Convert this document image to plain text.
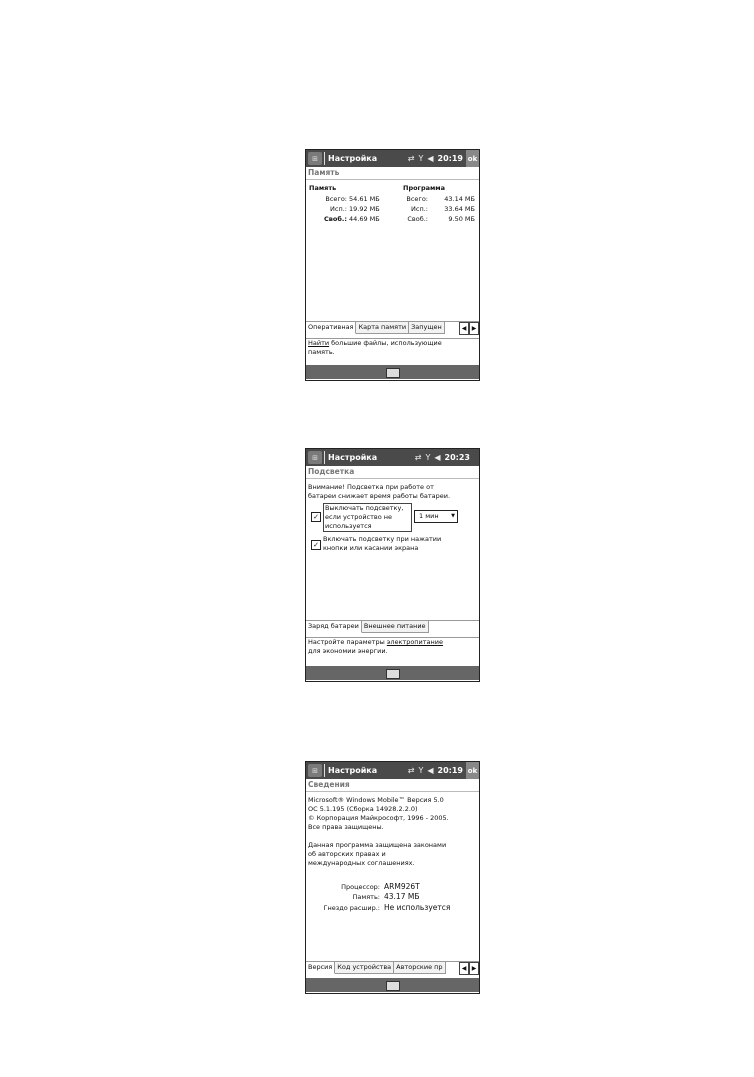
⊞	Настройка	⇄ Y ◀ 20:19 ok
Память
Память	Программа
Всего: 54.61 МБ	Всего:	43.14 МБ
Исп.: 19.92 МБ	Исп.:	33.64 МБ
Своб.: 44.69 МБ	Своб.:	9.50 МБ
Оперативная Карта памяти Запущен	◀ ▶
Найти большие файлы, использующие
память.
⊞	Настройка	⇄ Y ◀ 20:23
Подсветка
Внимание! Подсветка при работе от
батареи снижает время работы батареи.
✓
Выключать подсветку,
если устройство не
используется
1 мин	▼
✓
Включать подсветку при нажатии
кнопки или касании экрана
Заряд батареи Внешнее питание
Настройте параметры электропитание
для экономии энергии.
⊞	Настройка	⇄ Y ◀ 20:19 ok
Сведения
Microsoft® Windows Mobile™ Версия 5.0
ОС 5.1.195 (Сборка 14928.2.2.0)
© Корпорация Майкрософт, 1996 - 2005.
Все права защищены.
Данная программа защищена законами
об авторских правах и
международных соглашениях.
Процессор: ARM926T
Память: 43.17 МБ
Гнездо расшир.: Не используется
Версия Код устройства Авторские пр	◀ ▶
